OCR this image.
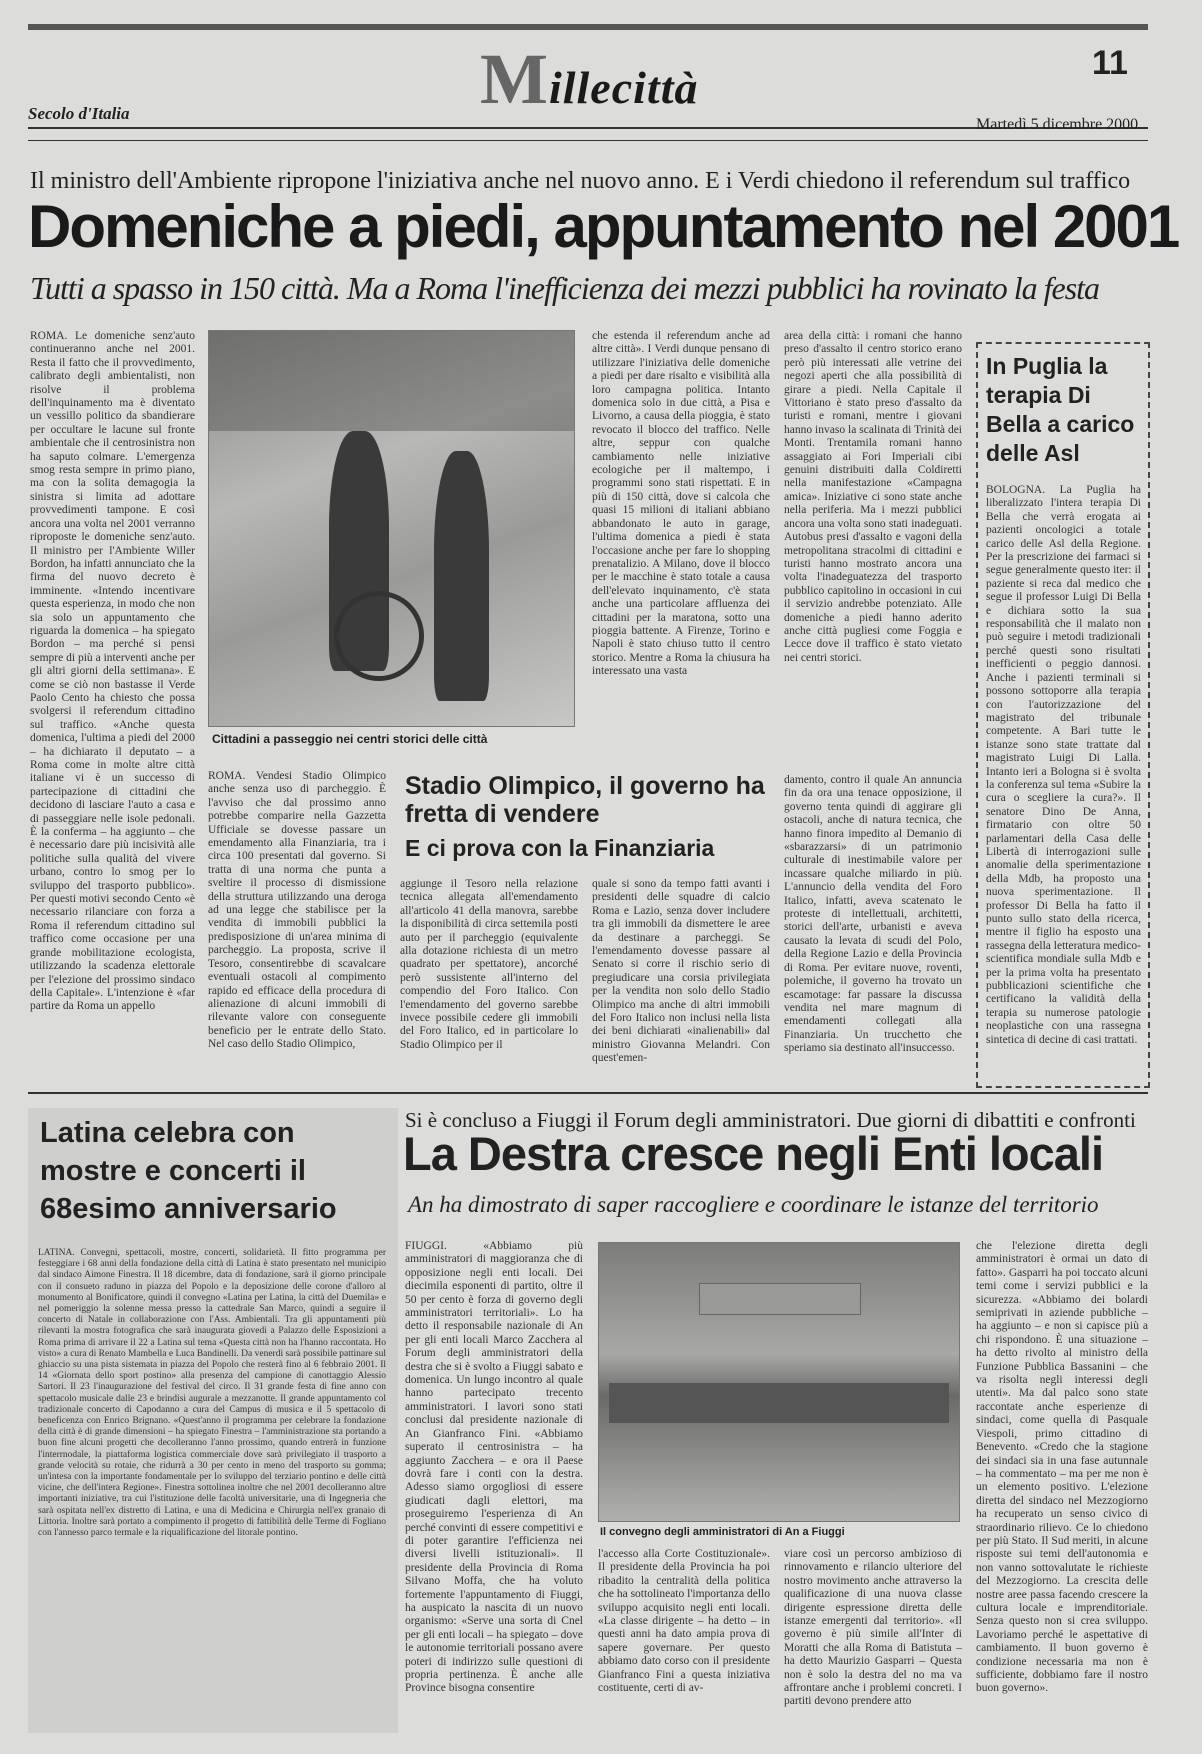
Millecittà	11
Secolo d'Italia
Martedì 5 dicembre 2000
Il ministro dell'Ambiente ripropone l'iniziativa anche nel nuovo anno. E i Verdi chiedono il referendum sul traffico
Domeniche a piedi, appuntamento nel 2001
Tutti a spasso in 150 città. Ma a Roma l'inefficienza dei mezzi pubblici ha rovinato la festa
ROMA. Le domeniche senz'auto continueranno anche nel 2001. Resta il fatto che il provvedimento, calibrato degli ambientalisti, non risolve il problema dell'inquinamento ma è diventato un vessillo politico da sbandierare per occultare le lacune sul fronte ambientale che il centrosinistra non ha saputo colmare. L'emergenza smog resta sempre in primo piano, ma con la solita demagogia la sinistra si limita ad adottare provvedimenti tampone. E così ancora una volta nel 2001 verranno riproposte le domeniche senz'auto. Il ministro per l'Ambiente Willer Bordon, ha infatti annunciato che la firma del nuovo decreto è imminente. «Intendo incentivare questa esperienza, in modo che non sia solo un appuntamento che riguarda la domenica – ha spiegato Bordon – ma perché si pensi sempre di più a interventi anche per gli altri giorni della settimana». E come se ciò non bastasse il Verde Paolo Cento ha chiesto che possa svolgersi il referendum cittadino sul traffico. «Anche questa domenica, l'ultima a piedi del 2000 – ha dichiarato il deputato – a Roma come in molte altre città italiane vi è un successo di partecipazione di cittadini che decidono di lasciare l'auto a casa e di passeggiare nelle isole pedonali. È la conferma – ha aggiunto – che è necessario dare più incisività alle politiche sulla qualità del vivere urbano, contro lo smog per lo sviluppo del trasporto pubblico». Per questi motivi secondo Cento «è necessario rilanciare con forza a Roma il referendum cittadino sul traffico come occasione per una grande mobilitazione ecologista, utilizzando la scadenza elettorale per l'elezione del prossimo sindaco della Capitale». L'intenzione è «far partire da Roma un appello
Cittadini a passeggio nei centri storici delle città
che estenda il referendum anche ad altre città». I Verdi dunque pensano di utilizzare l'iniziativa delle domeniche a piedi per dare risalto e visibilità alla loro campagna politica. Intanto domenica solo in due città, a Pisa e Livorno, a causa della pioggia, è stato revocato il blocco del traffico. Nelle altre, seppur con qualche cambiamento nelle iniziative ecologiche per il maltempo, i programmi sono stati rispettati. E in più di 150 città, dove si calcola che quasi 15 milioni di italiani abbiano abbandonato le auto in garage, l'ultima domenica a piedi è stata l'occasione anche per fare lo shopping prenatalizio. A Milano, dove il blocco per le macchine è stato totale a causa dell'elevato inquinamento, c'è stata anche una particolare affluenza dei cittadini per la maratona, sotto una pioggia battente. A Firenze, Torino e Napoli è stato chiuso tutto il centro storico. Mentre a Roma la chiusura ha interessato una vasta
area della città: i romani che hanno preso d'assalto il centro storico erano però più interessati alle vetrine dei negozi aperti che alla possibilità di girare a piedi. Nella Capitale il Vittoriano è stato preso d'assalto da turisti e romani, mentre i giovani hanno invaso la scalinata di Trinità dei Monti. Trentamila romani hanno assaggiato ai Fori Imperiali cibi genuini distribuiti dalla Coldiretti nella manifestazione «Campagna amica». Iniziative ci sono state anche nella periferia. Ma i mezzi pubblici ancora una volta sono stati inadeguati. Autobus presi d'assalto e vagoni della metropolitana stracolmi di cittadini e turisti hanno mostrato ancora una volta l'inadeguatezza del trasporto pubblico capitolino in occasioni in cui il servizio andrebbe potenziato. Alle domeniche a piedi hanno aderito anche città pugliesi come Foggia e Lecce dove il traffico è stato vietato nei centri storici.
In Puglia la terapia Di Bella a carico delle Asl
BOLOGNA. La Puglia ha liberalizzato l'intera terapia Di Bella che verrà erogata ai pazienti oncologici a totale carico delle Asl della Regione. Per la prescrizione dei farmaci si segue generalmente questo iter: il paziente si reca dal medico che segue il professor Luigi Di Bella e dichiara sotto la sua responsabilità che il malato non può seguire i metodi tradizionali perché questi sono risultati inefficienti o peggio dannosi. Anche i pazienti terminali si possono sottoporre alla terapia con l'autorizzazione del magistrato del tribunale competente. A Bari tutte le istanze sono state trattate dal magistrato Luigi Di Lalla. Intanto ieri a Bologna si è svolta la conferenza sul tema «Subire la cura o scegliere la cura?». Il senatore Dino De Anna, firmatario con oltre 50 parlamentari della Casa delle Libertà di interrogazioni sulle anomalie della sperimentazione della Mdb, ha proposto una nuova sperimentazione. Il professor Di Bella ha fatto il punto sullo stato della ricerca, mentre il figlio ha esposto una rassegna della letteratura medico-scientifica mondiale sulla Mdb e per la prima volta ha presentato pubblicazioni scientifiche che certificano la validità della terapia su numerose patologie neoplastiche con una rassegna sintetica di decine di casi trattati.
ROMA. Vendesi Stadio Olimpico anche senza uso di parcheggio. È l'avviso che dal prossimo anno potrebbe comparire nella Gazzetta Ufficiale se dovesse passare un emendamento alla Finanziaria, tra i circa 100 presentati dal governo. Si tratta di una norma che punta a sveltire il processo di dismissione della struttura utilizzando una deroga ad una legge che stabilisce per la vendita di immobili pubblici la predisposizione di un'area minima di parcheggio. La proposta, scrive il Tesoro, consentirebbe di scavalcare eventuali ostacoli al compimento rapido ed efficace della procedura di alienazione di alcuni immobili di rilevante valore con conseguente beneficio per le entrate dello Stato. Nel caso dello Stadio Olimpico,
Stadio Olimpico, il governo ha fretta di vendere
E ci prova con la Finanziaria
aggiunge il Tesoro nella relazione tecnica allegata all'emendamento all'articolo 41 della manovra, sarebbe la disponibilità di circa settemila posti auto per il parcheggio (equivalente alla dotazione richiesta di un metro quadrato per spettatore), ancorché però sussistente all'interno del compendio del Foro Italico. Con l'emendamento del governo sarebbe invece possibile cedere gli immobili del Foro Italico, ed in particolare lo Stadio Olimpico per il
quale si sono da tempo fatti avanti i presidenti delle squadre di calcio Roma e Lazio, senza dover includere tra gli immobili da dismettere le aree da destinare a parcheggi. Se l'emendamento dovesse passare al Senato si corre il rischio serio di pregiudicare una corsia privilegiata per la vendita non solo dello Stadio Olimpico ma anche di altri immobili del Foro Italico non inclusi nella lista dei beni dichiarati «inalienabili» dal ministro Giovanna Melandri. Con quest'emen-
damento, contro il quale An annuncia fin da ora una tenace opposizione, il governo tenta quindi di aggirare gli ostacoli, anche di natura tecnica, che hanno finora impedito al Demanio di «sbarazzarsi» di un patrimonio culturale di inestimabile valore per incassare qualche miliardo in più. L'annuncio della vendita del Foro Italico, infatti, aveva scatenato le proteste di intellettuali, architetti, storici dell'arte, urbanisti e aveva causato la levata di scudi del Polo, della Regione Lazio e della Provincia di Roma. Per evitare nuove, roventi, polemiche, il governo ha trovato un escamotage: far passare la discussa vendita nel mare magnum di emendamenti collegati alla Finanziaria. Un trucchetto che speriamo sia destinato all'insuccesso.
Latina celebra con mostre e concerti il 68esimo anniversario
LATINA. Convegni, spettacoli, mostre, concerti, solidarietà. Il fitto programma per festeggiare i 68 anni della fondazione della città di Latina è stato presentato nel municipio dal sindaco Aimone Finestra. Il 18 dicembre, data di fondazione, sarà il giorno principale con il consueto raduno in piazza del Popolo e la deposizione delle corone d'alloro al monumento al Bonificatore, quindi il convegno «Latina per Latina, la città del Duemila» e nel pomeriggio la solenne messa presso la cattedrale San Marco, quindi a seguire il concerto di Natale in collaborazione con l'Ass. Ambientali. Tra gli appuntamenti più rilevanti la mostra fotografica che sarà inaugurata giovedì a Palazzo delle Esposizioni a Roma prima di arrivare il 22 a Latina sul tema «Questa città non ha l'hanno raccontata. Ho visto» a cura di Renato Mambella e Luca Bandinelli. Da venerdì sarà possibile pattinare sul ghiaccio su una pista sistemata in piazza del Popolo che resterà fino al 6 febbraio 2001. Il 14 «Giornata dello sport postino» alla presenza del campione di canottaggio Alessio Sartori. Il 23 l'inaugurazione del festival del circo. Il 31 grande festa di fine anno con spettacolo musicale dalle 23 e brindisi augurale a mezzanotte. Il grande appuntamento col tradizionale concerto di Capodanno a cura del Campus di musica e il 5 spettacolo di beneficenza con Enrico Brignano. «Quest'anno il programma per celebrare la fondazione della città è di grande dimensioni – ha spiegato Finestra – l'amministrazione sta portando a buon fine alcuni progetti che decolleranno l'anno prossimo, quando entrerà in funzione l'interrnodale, la piattaforma logistica commerciale dove sarà privilegiato il trasporto a grande velocità su rotaie, che ridurrà a 30 per cento in meno del trasporto su gomma; un'intesa con la importante fondamentale per lo sviluppo del terziario pontino e delle città vicine, che dell'intera Regione». Finestra sottolinea inoltre che nel 2001 decolleranno altre importanti iniziative, tra cui l'istituzione delle facoltà universitarie, una di Ingegneria che sarà ospitata nell'ex distretto di Latina, e una di Medicina e Chirurgia nell'ex granaio di Littoria. Inoltre sarà portato a compimento il progetto di fattibilità delle Terme di Fogliano con l'annesso parco termale e la riqualificazione del litorale pontino.
Si è concluso a Fiuggi il Forum degli amministratori. Due giorni di dibattiti e confronti
La Destra cresce negli Enti locali
An ha dimostrato di saper raccogliere e coordinare le istanze del territorio
FIUGGI. «Abbiamo più amministratori di maggioranza che di opposizione negli enti locali. Dei diecimila esponenti di partito, oltre il 50 per cento è forza di governo degli amministratori territoriali». Lo ha detto il responsabile nazionale di An per gli enti locali Marco Zacchera al Forum degli amministratori della destra che si è svolto a Fiuggi sabato e domenica. Un lungo incontro al quale hanno partecipato trecento amministratori. I lavori sono stati conclusi dal presidente nazionale di An Gianfranco Fini. «Abbiamo superato il centrosinistra – ha aggiunto Zacchera – e ora il Paese dovrà fare i conti con la destra. Adesso siamo orgogliosi di essere giudicati dagli elettori, ma proseguiremo l'esperienza di An perché convinti di essere competitivi e di poter garantire l'efficienza nei diversi livelli istituzionali». Il presidente della Provincia di Roma Silvano Moffa, che ha voluto fortemente l'appuntamento di Fiuggi, ha auspicato la nascita di un nuovo organismo: «Serve una sorta di Cnel per gli enti locali – ha spiegato – dove le autonomie territoriali possano avere poteri di indirizzo sulle questioni di propria pertinenza. È anche alle Province bisogna consentire
Il convegno degli amministratori di An a Fiuggi
l'accesso alla Corte Costituzionale». Il presidente della Provincia ha poi ribadito la centralità della politica che ha sottolineato l'importanza dello sviluppo acquisito negli enti locali. «La classe dirigente – ha detto – in questi anni ha dato ampia prova di sapere governare. Per questo abbiamo dato corso con il presidente Gianfranco Fini a questa iniziativa costituente, certi di av-
viare così un percorso ambizioso di rinnovamento e rilancio ulteriore del nostro movimento anche attraverso la qualificazione di una nuova classe dirigente espressione diretta delle istanze emergenti dal territorio». «Il governo è più simile all'Inter di Moratti che alla Roma di Batistuta – ha detto Maurizio Gasparri – Questa non è solo la destra del no ma va affrontare anche i problemi concreti. I partiti devono prendere atto
che l'elezione diretta degli amministratori è ormai un dato di fatto». Gasparri ha poi toccato alcuni temi come i servizi pubblici e la sicurezza. «Abbiamo dei bolardi semiprivati in aziende pubbliche – ha aggiunto – e non si capisce più a chi rispondono. È una situazione – ha detto rivolto al ministro della Funzione Pubblica Bassanini – che va risolta negli interessi degli utenti». Ma dal palco sono state raccontate anche esperienze di sindaci, come quella di Pasquale Viespoli, primo cittadino di Benevento. «Credo che la stagione dei sindaci sia in una fase autunnale – ha commentato – ma per me non è un elemento positivo. L'elezione diretta del sindaco nel Mezzogiorno ha recuperato un senso civico di straordinario rilievo. Ce lo chiedono per più Stato. Il Sud meriti, in alcune risposte sui temi dell'autonomia e non vanno sottovalutate le richieste del Mezzogiorno. La crescita delle nostre aree passa facendo crescere la cultura locale e imprenditoriale. Senza questo non si crea sviluppo. Lavoriamo perché le aspettative di cambiamento. Il buon governo è condizione necessaria ma non è sufficiente, dobbiamo fare il nostro buon governo».
